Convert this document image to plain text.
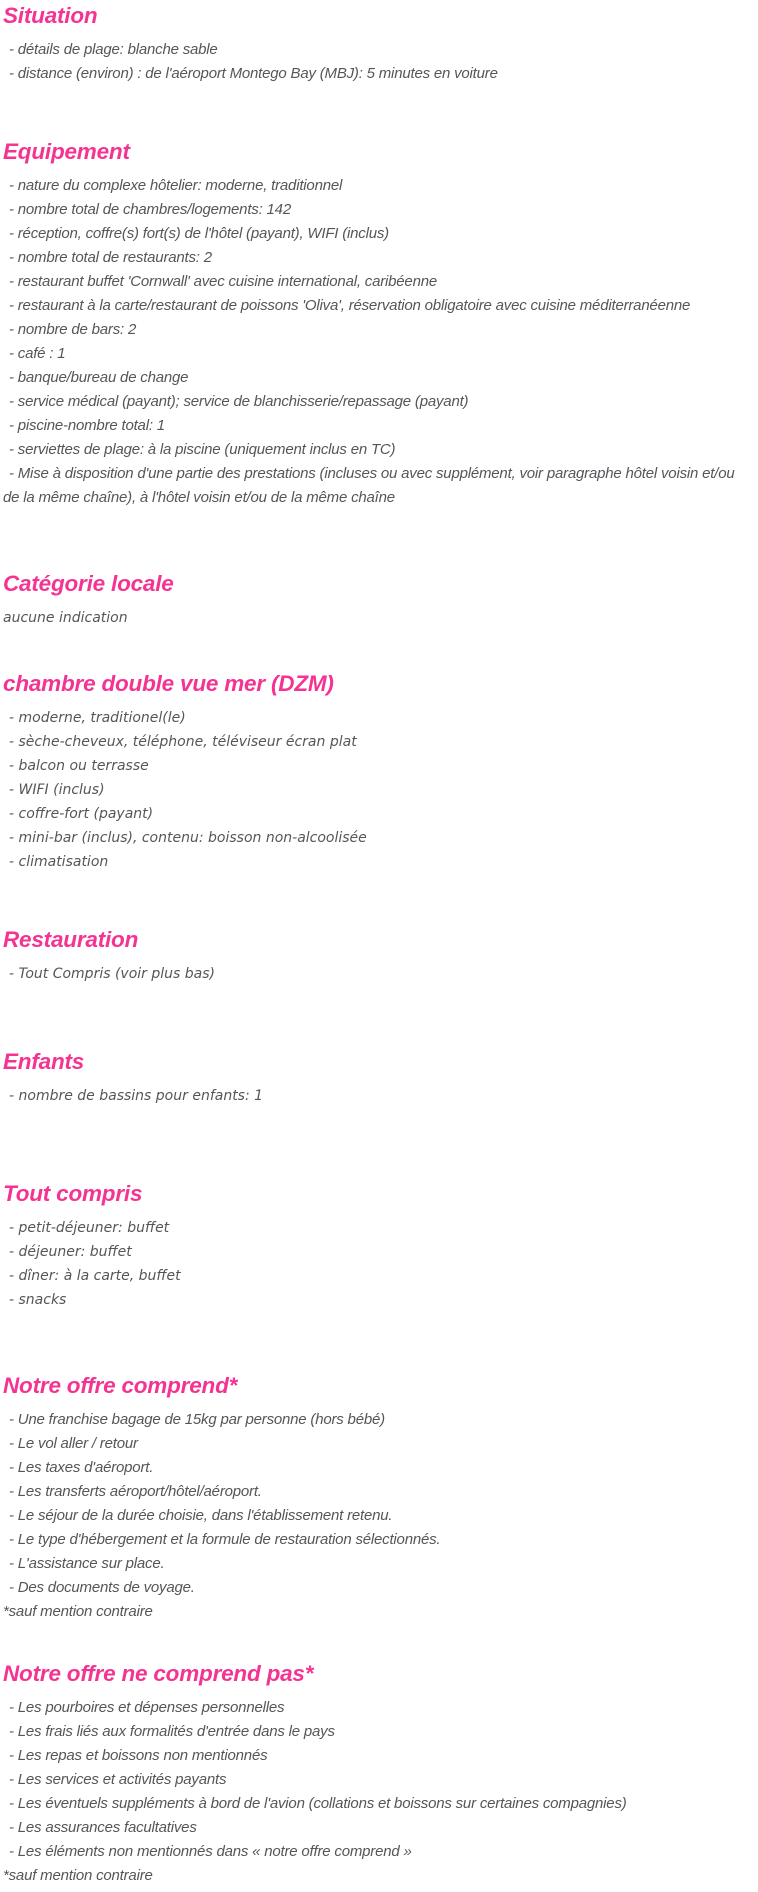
Situation

- détails de plage: blanche sable

- distance (environ) : de l'aéroport Montego Bay (MBJ): 5 minutes en voiture

Equipement

- nature du complexe hôtelier: moderne, traditionnel

- nombre total de chambres/logements: 142

- réception, coffre(s) fort(s) de l'hôtel (payant), WIFI (inclus)

- nombre total de restaurants: 2

- restaurant buffet 'Cornwall' avec cuisine international, caribéenne

- restaurant à la carte/restaurant de poissons 'Oliva', réservation obligatoire avec cuisine méditerranéenne

- nombre de bars: 2

- café : 1

- banque/bureau de change

- service médical (payant); service de blanchisserie/repassage (payant)

- piscine-nombre total: 1

- serviettes de plage: à la piscine (uniquement inclus en TC)

- Mise à disposition d'une partie des prestations (incluses ou avec supplément, voir paragraphe hôtel voisin et/ou de la même chaîne), à l'hôtel voisin et/ou de la même chaîne

Catégorie locale

aucune indication

chambre double vue mer (DZM)

- moderne, traditionel(le)

- sèche-cheveux, téléphone, téléviseur écran plat

- balcon ou terrasse

- WIFI (inclus)

- coffre-fort (payant)

- mini-bar (inclus), contenu: boisson non-alcoolisée

- climatisation

Restauration

- Tout Compris (voir plus bas)

Enfants

- nombre de bassins pour enfants: 1

Tout compris

- petit-déjeuner: buffet

- déjeuner: buffet

- dîner: à la carte, buffet

- snacks

Notre offre comprend*

- Une franchise bagage de 15kg par personne (hors bébé)

- Le vol aller / retour

- Les taxes d'aéroport.

- Les transferts aéroport/hôtel/aéroport.

- Le séjour de la durée choisie, dans l'établissement retenu.

- Le type d'hébergement et la formule de restauration sélectionnés.

- L'assistance sur place.

- Des documents de voyage.

*sauf mention contraire

Notre offre ne comprend pas*

- Les pourboires et dépenses personnelles

- Les frais liés aux formalités d'entrée dans le pays

- Les repas et boissons non mentionnés

- Les services et activités payants

- Les éventuels suppléments à bord de l'avion (collations et boissons sur certaines compagnies)

- Les assurances facultatives

- Les éléments non mentionnés dans « notre offre comprend »

*sauf mention contraire
